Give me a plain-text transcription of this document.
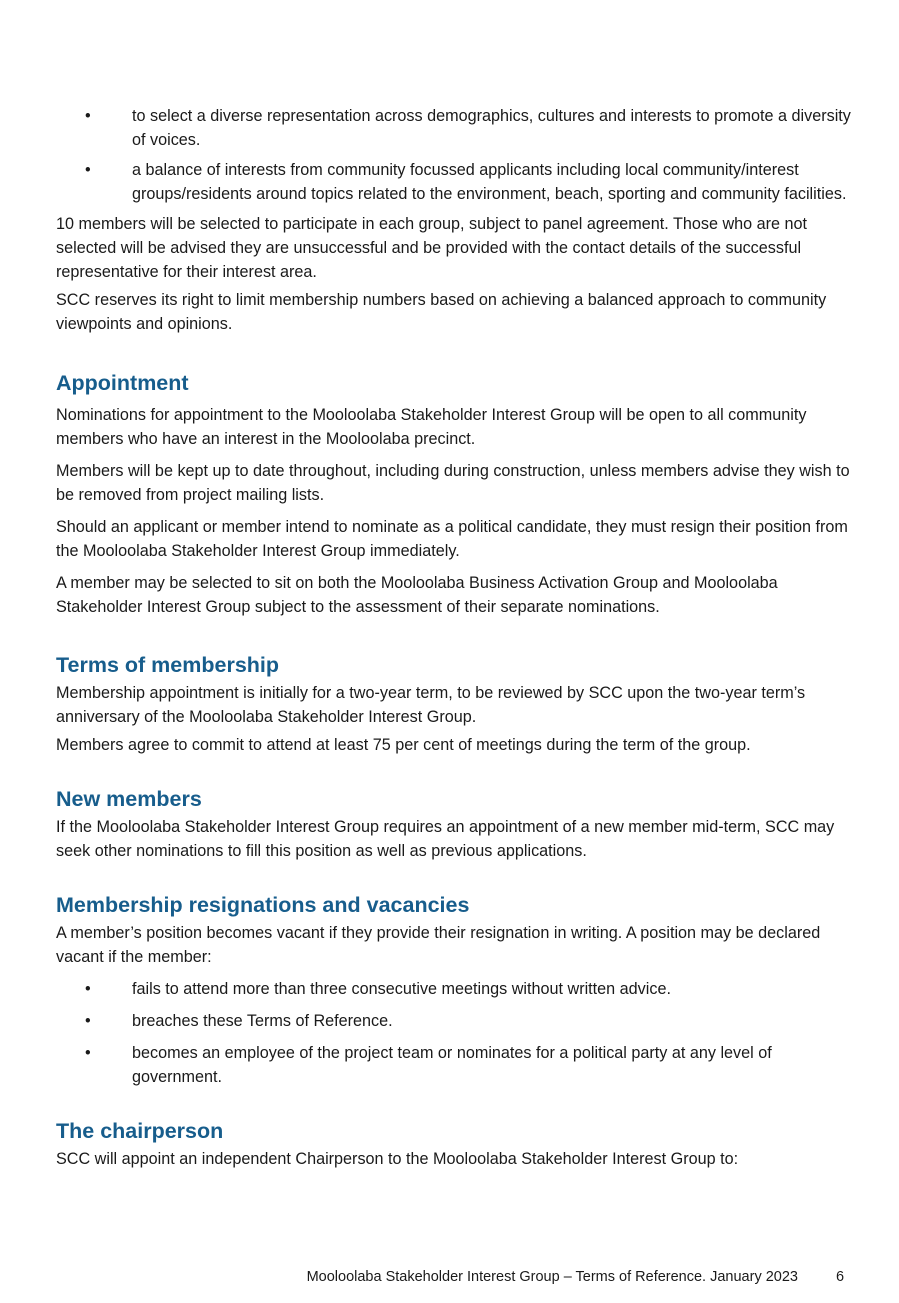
•	to select a diverse representation across demographics, cultures and interests to promote a diversity of voices.
•	a balance of interests from community focussed applicants including local community/interest groups/residents around topics related to the environment, beach, sporting and community facilities.

10 members will be selected to participate in each group, subject to panel agreement. Those who are not selected will be advised they are unsuccessful and be provided with the contact details of the successful representative for their interest area.

SCC reserves its right to limit membership numbers based on achieving a balanced approach to community viewpoints and opinions.

Appointment

Nominations for appointment to the Mooloolaba Stakeholder Interest Group will be open to all community members who have an interest in the Mooloolaba precinct.

Members will be kept up to date throughout, including during construction, unless members advise they wish to be removed from project mailing lists.

Should an applicant or member intend to nominate as a political candidate, they must resign their position from the Mooloolaba Stakeholder Interest Group immediately.

A member may be selected to sit on both the Mooloolaba Business Activation Group and Mooloolaba Stakeholder Interest Group subject to the assessment of their separate nominations.

Terms of membership

Membership appointment is initially for a two-year term, to be reviewed by SCC upon the two-year term’s anniversary of the Mooloolaba Stakeholder Interest Group.

Members agree to commit to attend at least 75 per cent of meetings during the term of the group.

New members

If the Mooloolaba Stakeholder Interest Group requires an appointment of a new member mid-term, SCC may seek other nominations to fill this position as well as previous applications.

Membership resignations and vacancies

A member’s position becomes vacant if they provide their resignation in writing. A position may be declared vacant if the member:

•	fails to attend more than three consecutive meetings without written advice.
•	breaches these Terms of Reference.
•	becomes an employee of the project team or nominates for a political party at any level of government.
The chairperson

SCC will appoint an independent Chairperson to the Mooloolaba Stakeholder Interest Group to:

Mooloolaba Stakeholder Interest Group – Terms of Reference. January 2023	6
